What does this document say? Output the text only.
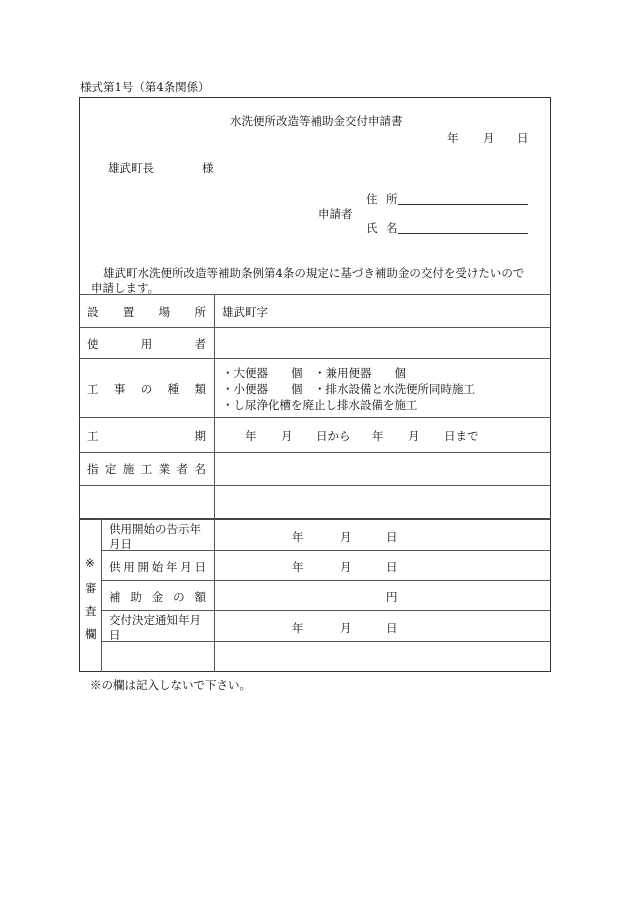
様式第1号（第4条関係）
水洗便所改造等補助金交付申請書
年 月 日
雄武町長	様
住 所
申請者
氏 名
雄武町水洗便所改造等補助条例第4条の規定に基づき補助金の交付を受けたいので
申請します。
設 置 場 所 雄武町字
使	用	者
工 事 の 種 類
・大便器　　個　・兼用便器　　個
・小便器　　個　・排水設備と水洗便所同時施工
・し尿浄化槽を廃止し排水設備を施工
工	期	年 月 日から 年 月 日まで
指 定 施 工 業 者 名
※
審
査
欄
供用開始の告示年
月日	年	月	日
供 用 開 始 年 月 日	年	月	日
補 助 金 の 額	円
交付決定通知年月
日	年	月	日
※の欄は記入しないで下さい。
